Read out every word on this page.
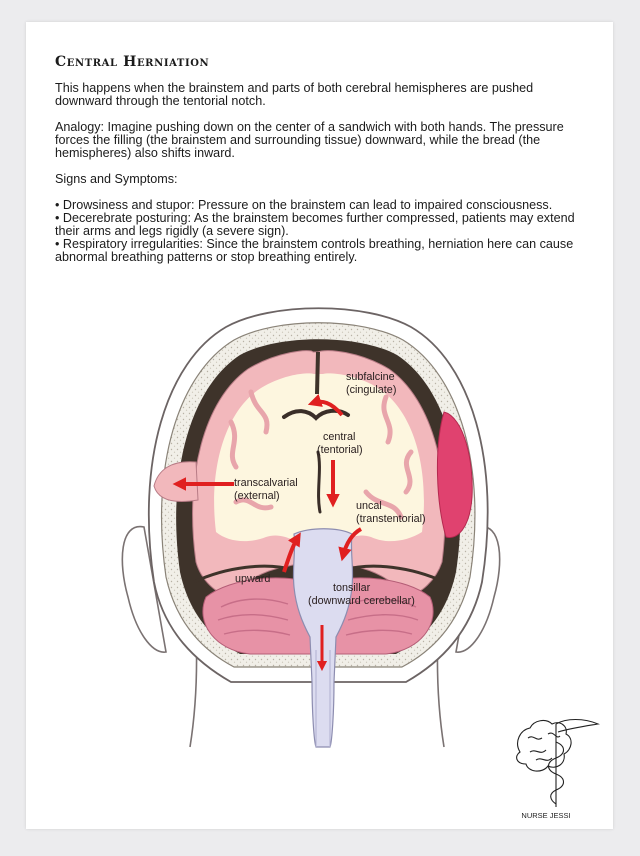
Central Herniation

This happens when the brainstem and parts of both cerebral hemispheres are pushed downward through the tentorial notch.

Analogy: Imagine pushing down on the center of a sandwich with both hands. The pressure forces the filling (the brainstem and surrounding tissue) downward, while the bread (the hemispheres) also shifts inward.

Signs and Symptoms:

• Drowsiness and stupor: Pressure on the brainstem can lead to impaired consciousness.
• Decerebrate posturing: As the brainstem becomes further compressed, patients may extend their arms and legs rigidly (a severe sign).
• Respiratory irregularities: Since the brainstem controls breathing, herniation here can cause abnormal breathing patterns or stop breathing entirely.
subfalcine
(cingulate)
central
(tentorial)
transcalvarial
(external)
uncal
(transtentorial)
upward
tonsillar
(downward cerebellar)
NURSE JESSI
